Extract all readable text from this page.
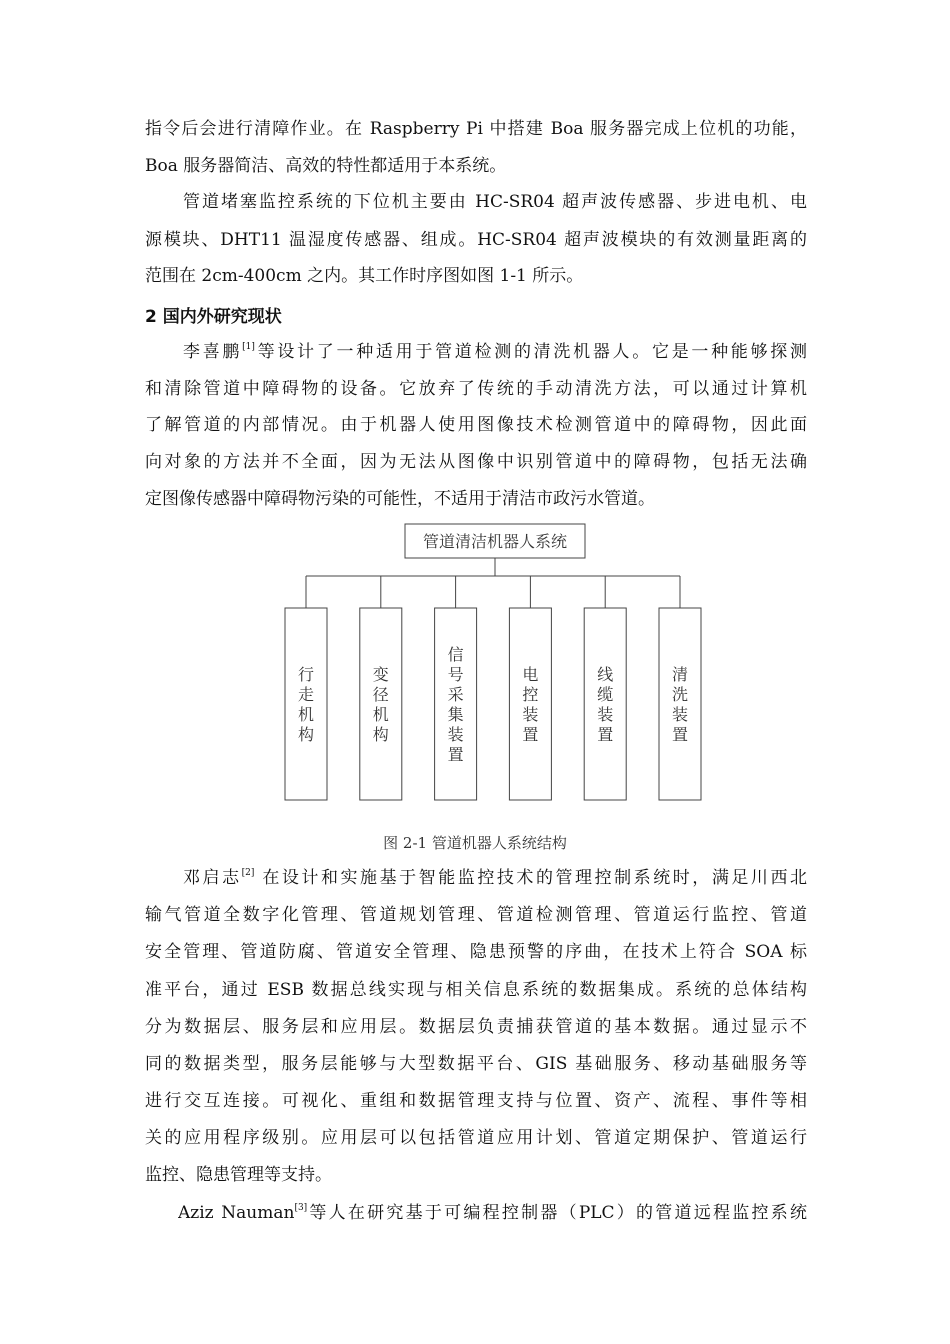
指令后会进行清障作业。在 Raspberry Pi 中搭建 Boa 服务器完成上位机的功能，
Boa 服务器简洁、高效的特性都适用于本系统。
管道堵塞监控系统的下位机主要由 HC-SR04 超声波传感器、步进电机、电
源模块、DHT11 温湿度传感器、组成。HC-SR04 超声波模块的有效测量距离的
范围在 2cm-400cm 之内。其工作时序图如图 1-1 所示。
2 国内外研究现状
李喜鹏[1]等设计了一种适用于管道检测的清洗机器人。它是一种能够探测
和清除管道中障碍物的设备。它放弃了传统的手动清洗方法，可以通过计算机
了解管道的内部情况。由于机器人使用图像技术检测管道中的障碍物，因此面
向对象的方法并不全面，因为无法从图像中识别管道中的障碍物，包括无法确
定图像传感器中障碍物污染的可能性，不适用于清洁市政污水管道。
管道清洁机器人系统
行
走
机
构
变
径
机
构
信
号
采
集
装
置
电
控
装
置
线
缆
装
置
清
洗
装
置
图 2-1 管道机器人系统结构
邓启志[2] 在设计和实施基于智能监控技术的管理控制系统时，满足川西北
输气管道全数字化管理、管道规划管理、管道检测管理、管道运行监控、管道
安全管理、管道防腐、管道安全管理、隐患预警的序曲，在技术上符合 SOA 标
准平台，通过 ESB 数据总线实现与相关信息系统的数据集成。系统的总体结构
分为数据层、服务层和应用层。数据层负责捕获管道的基本数据。通过显示不
同的数据类型，服务层能够与大型数据平台、GIS 基础服务、移动基础服务等
进行交互连接。可视化、重组和数据管理支持与位置、资产、流程、事件等相
关的应用程序级别。应用层可以包括管道应用计划、管道定期保护、管道运行
监控、隐患管理等支持。
Aziz Nauman[3]等人在研究基于可编程控制器（PLC）的管道远程监控系统
